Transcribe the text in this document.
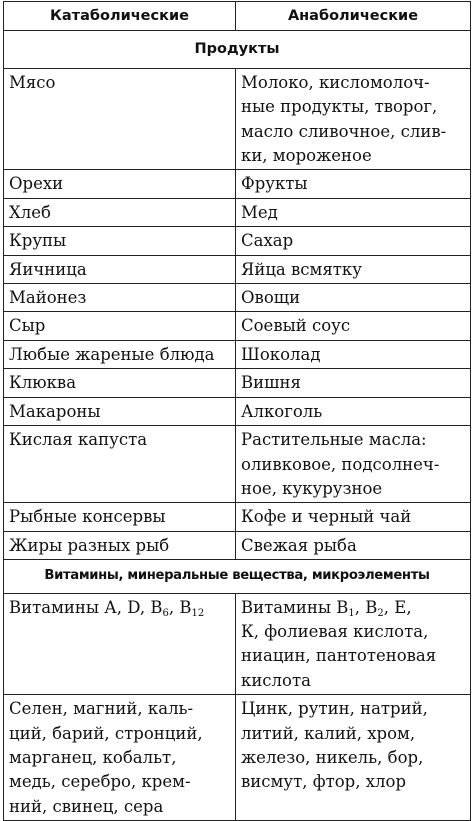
Катаболические	Анаболические
Продукты	

Мясо	Молоко, кисломолоч-
ные продукты, творог,
масло сливочное, слив-
ки, мороженое

Орехи	Фрукты

Хлеб	Мед

Крупы	Сахар

Яичница	Яйца всмятку

Майонез	Овощи

Сыр	Соевый соус

Любые жареные блюда	Шоколад

Клюква	Вишня

Макароны	Алкоголь

Кислая капуста	Растительные масла:
оливковое, подсолнеч-
ное, кукурузное

Рыбные консервы	Кофе и черный чай

Жиры разных рыб	Свежая рыба

Витамины, минеральные вещества, микроэлементы	

Витамины А, D, $В_6$, $В_{12}$	Витамины $В_1$, $В_2$, Е,
К, фолиевая кислота,
ниацин, пантотеновая
кислота

Селен, магний, каль-
ций, барий, стронций,
марганец, кобальт,
медь, серебро, крем-
ний, свинец, сера	Цинк, рутин, натрий,
литий, калий, хром,
железо, никель, бор,
висмут, фтор, хлор
